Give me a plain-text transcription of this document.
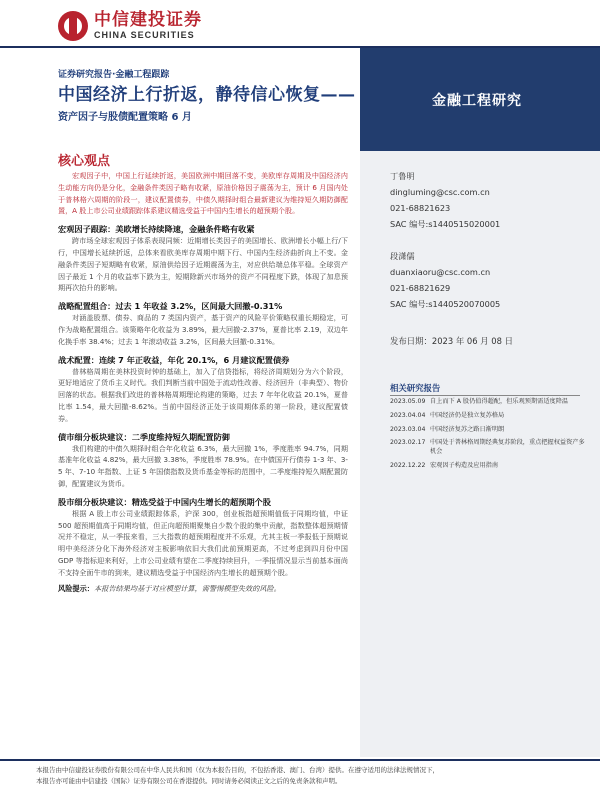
中信建投证券
CHINA SECURITIES
证券研究报告·金融工程跟踪
中国经济上行折返，静待信心恢复——
资产因子与股债配置策略 6 月
金融工程研究
核心观点
宏观因子中，中国上行延续折返，美国欧洲中期回落不变，美欧库存周期及中国经济内生动能方向仍是分化，金融条件类因子略有收紧，原油价格因子震荡为主，预计 6 月国内处于普林格六周期的阶段一，建议配置债券，中债久期择时组合最新建议为维持短久期防御配置，A 股上市公司业绩跟踪体系建议精选受益于中国内生增长的超预期个股。
宏观因子跟踪：美欧增长持续降速，金融条件略有收紧
跨市场全球宏观因子体系表现同频：近期增长类因子的美国增长、欧洲增长小幅上行/下行，中国增长延续折返，总体来看欧美库存周期中期下行、中国内生经济曲折向上不变。金融条件类因子短期略有收紧，原油供给因子近期震荡为主，对应供给端总体平稳。全球资产因子最近 1 个月的收益率下跌为主，短期除新兴市场外的资产不同程度下跌，体现了加息预期再次抬升的影响。
战略配置组合：过去 1 年收益 3.2%，区间最大回撤-0.31%
对涵盖股票、债券、商品的 7 类国内资产，基于资产的风险平价策略权重长期稳定，可作为战略配置组合。该策略年化收益为 3.89%，最大回撤-2.37%，夏普比率 2.19，双边年化换手率 38.4%；过去 1 年滚动收益 3.2%，区间最大回撤-0.31%。
战术配置：连续 7 年正收益，年化 20.1%，6 月建议配置债券
普林格周期在美林投资时钟的基础上，加入了信贷指标，将经济周期划分为六个阶段，更好地适应了货币主义时代。我们判断当前中国处于流动性改善、经济回升（非典型）、物价回落的状态。根据我们改进的普林格周期理论构建的策略，过去 7 年年化收益 20.1%，夏普比率 1.54，最大回撤-8.62%。当前中国经济正处于该周期体系的第一阶段，建议配置债券。
债市细分板块建议：二季度维持短久期配置防御
我们构建的中债久期择时组合年化收益 6.3%，最大回撤 1%，季度胜率 94.7%，同期基准年化收益 4.82%，最大回撤 3.38%，季度胜率 78.9%。在中债国开行债券 1-3 年、3-5 年、7-10 年指数、上证 5 年国债指数及货币基金等标的范围中，二季度维持短久期配置防御，配置建议为货币。
股市细分板块建议：精选受益于中国内生增长的超预期个股
根据 A 股上市公司业绩跟踪体系，沪深 300，创业板指超预期值低于同期均值，中证 500 超预期值高于同期均值，但正向超预期聚集自少数个股的集中贡献，指数整体超预期情况并不稳定，从一季报来看，三大指数的超预期程度并不乐观，尤其主板一季报低于预期说明中美经济分化下海外经济对主板影响依旧大我们此前预期更高，不过考虑到四月份中国 GDP 等指标迎来利好，上市公司业绩有望在二季度持续回升，一季报情况显示当前基本面尚不支持全面牛市的到来，建议精选受益于中国经济内生增长的超预期个股。
风险提示：本报告结果均基于对应模型计算，需警惕模型失效的风险。
丁鲁明
dingluming@csc.com.cn
021-68821623
SAC 编号:s1440515020001
段潇儒
duanxiaoru@csc.com.cn
021-68821629
SAC 编号:s1440520070005
发布日期：2023 年 06 月 08 日
相关研究报告
2023.05.09 自上而下 A 股仍值得超配，但乐观预期需适度降温
2023.04.04 中国经济仍是独立复苏格局
2023.03.04 中国经济复苏之路日渐明朗
2023.02.17 中国处于普林格周期经典复苏阶段，重点把握权益资产多机会
2022.12.22 宏观因子构造及应用指南
本报告由中信建投证券股份有限公司在中华人民共和国（仅为本报告目的，不包括香港、澳门、台湾）提供。在遵守适用的法律法规情况下，
本报告亦可能由中信建投（国际）证券有限公司在香港提供。同时请务必阅读正文之后的免责条款和声明。
